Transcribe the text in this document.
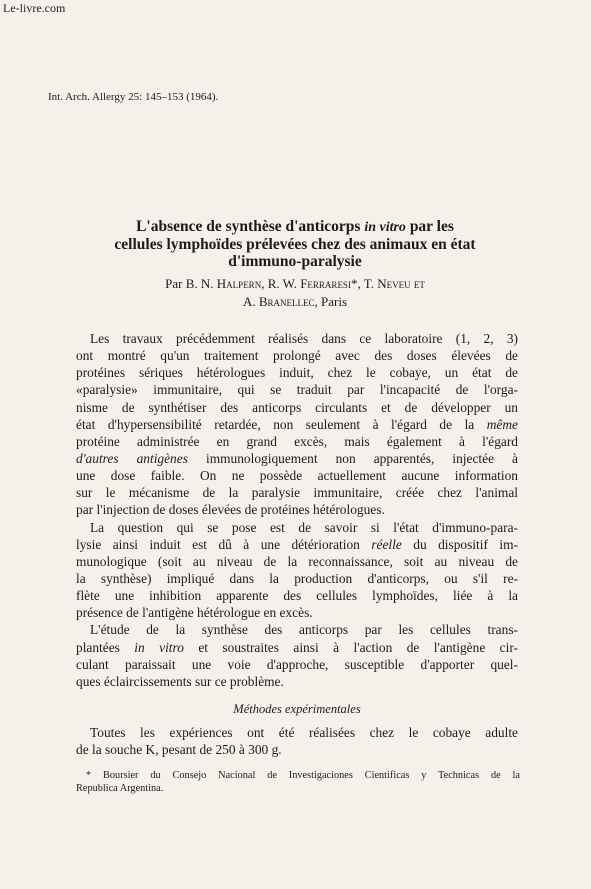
Le-livre.com
Int. Arch. Allergy 25: 145–153 (1964).
L'absence de synthèse d'anticorps in vitro par les
cellules lymphoïdes prélevées chez des animaux en état
d'immuno-paralysie
Par B. N. Halpern, R. W. Ferraresi*, T. Neveu et
A. Branellec, Paris
Les travaux précédemment réalisés dans ce laboratoire (1, 2, 3)
ont montré qu'un traitement prolongé avec des doses élevées de
protéines sériques hétérologues induit, chez le cobaye, un état de
«paralysie» immunitaire, qui se traduit par l'incapacité de l'orga-
nisme de synthétiser des anticorps circulants et de développer un
état d'hypersensibilité retardée, non seulement à l'égard de la même
protéine administrée en grand excès, mais également à l'égard
d'autres antigènes immunologiquement non apparentés, injectée à
une dose faible. On ne possède actuellement aucune information
sur le mécanisme de la paralysie immunitaire, créée chez l'animal
par l'injection de doses élevées de protéines hétérologues.
La question qui se pose est de savoir si l'état d'immuno-para-
lysie ainsi induit est dû à une détérioration réelle du dispositif im-
munologique (soit au niveau de la reconnaissance, soit au niveau de
la synthèse) impliqué dans la production d'anticorps, ou s'il re-
flète une inhibition apparente des cellules lymphoïdes, liée à la
présence de l'antigène hétérologue en excès.
L'étude de la synthèse des anticorps par les cellules trans-
plantées in vitro et soustraites ainsi à l'action de l'antigène cir-
culant paraissait une voie d'approche, susceptible d'apporter quel-
ques éclaircissements sur ce problème.
Méthodes expérimentales
Toutes les expériences ont été réalisées chez le cobaye adulte
de la souche K, pesant de 250 à 300 g.
* Boursier du Consejo Nacional de Investigaciones Cientificas y Technicas de la
Republica Argentina.
